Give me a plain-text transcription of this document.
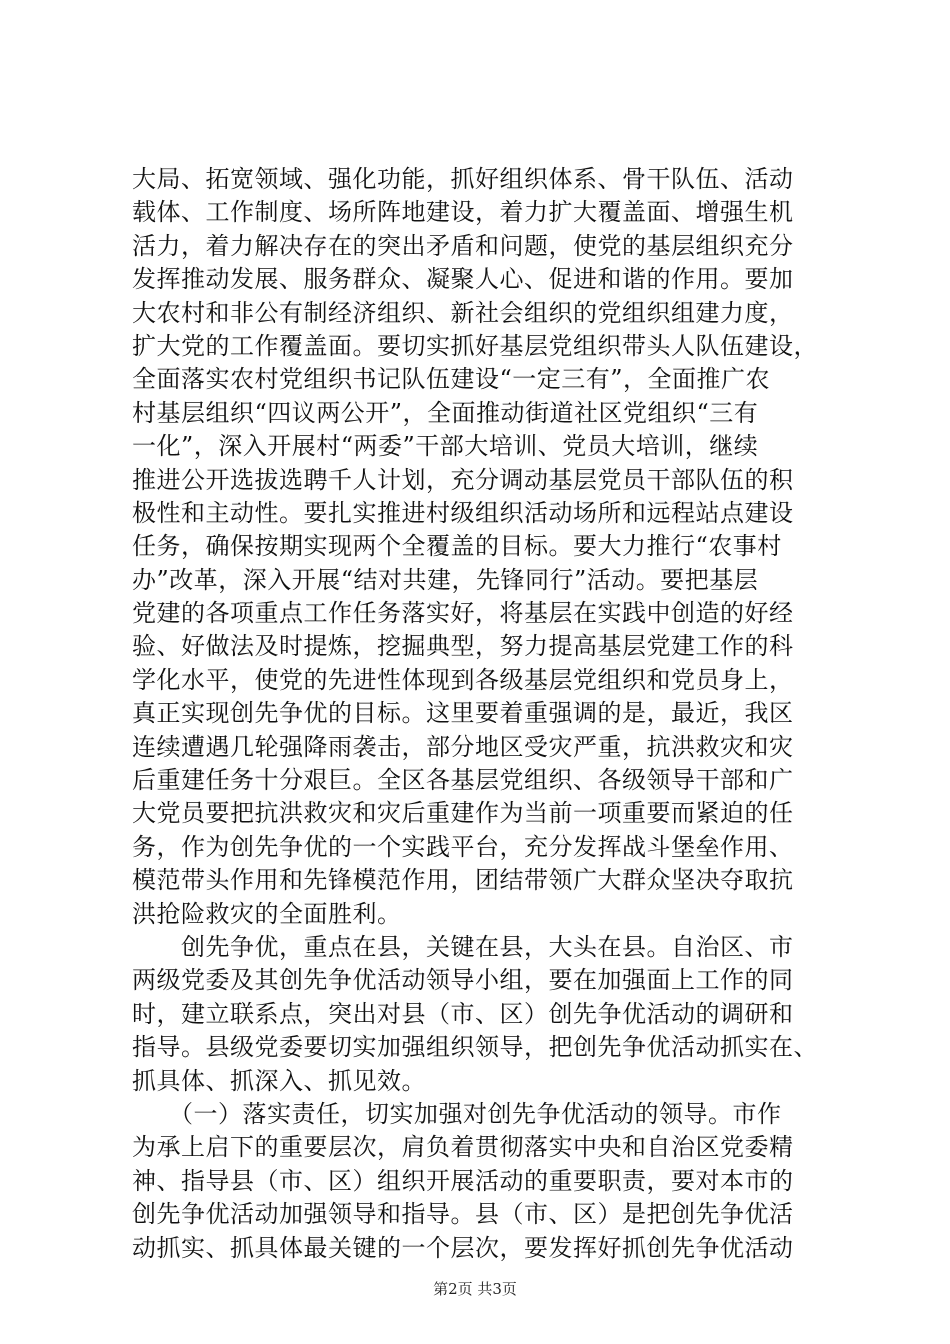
大局、拓宽领域、强化功能，抓好组织体系、骨干队伍、活动
载体、工作制度、场所阵地建设，着力扩大覆盖面、增强生机
活力，着力解决存在的突出矛盾和问题，使党的基层组织充分
发挥推动发展、服务群众、凝聚人心、促进和谐的作用。要加
大农村和非公有制经济组织、新社会组织的党组织组建力度，
扩大党的工作覆盖面。要切实抓好基层党组织带头人队伍建设，
全面落实农村党组织书记队伍建设“一定三有”，全面推广农
村基层组织“四议两公开”，全面推动街道社区党组织“三有
一化”，深入开展村“两委”干部大培训、党员大培训，继续
推进公开选拔选聘千人计划，充分调动基层党员干部队伍的积
极性和主动性。要扎实推进村级组织活动场所和远程站点建设
任务，确保按期实现两个全覆盖的目标。要大力推行“农事村
办”改革，深入开展“结对共建，先锋同行”活动。要把基层
党建的各项重点工作任务落实好，将基层在实践中创造的好经
验、好做法及时提炼，挖掘典型，努力提高基层党建工作的科
学化水平，使党的先进性体现到各级基层党组织和党员身上，
真正实现创先争优的目标。这里要着重强调的是，最近，我区
连续遭遇几轮强降雨袭击，部分地区受灾严重，抗洪救灾和灾
后重建任务十分艰巨。全区各基层党组织、各级领导干部和广
大党员要把抗洪救灾和灾后重建作为当前一项重要而紧迫的任
务，作为创先争优的一个实践平台，充分发挥战斗堡垒作用、
模范带头作用和先锋模范作用，团结带领广大群众坚决夺取抗
洪抢险救灾的全面胜利。
　　创先争优，重点在县，关键在县，大头在县。自治区、市
两级党委及其创先争优活动领导小组，要在加强面上工作的同
时，建立联系点，突出对县（市、区）创先争优活动的调研和
指导。县级党委要切实加强组织领导，把创先争优活动抓实在、
抓具体、抓深入、抓见效。
　　（一）落实责任，切实加强对创先争优活动的领导。市作
为承上启下的重要层次，肩负着贯彻落实中央和自治区党委精
神、指导县（市、区）组织开展活动的重要职责，要对本市的
创先争优活动加强领导和指导。县（市、区）是把创先争优活
动抓实、抓具体最关键的一个层次，要发挥好抓创先争优活动
第2页 共3页
